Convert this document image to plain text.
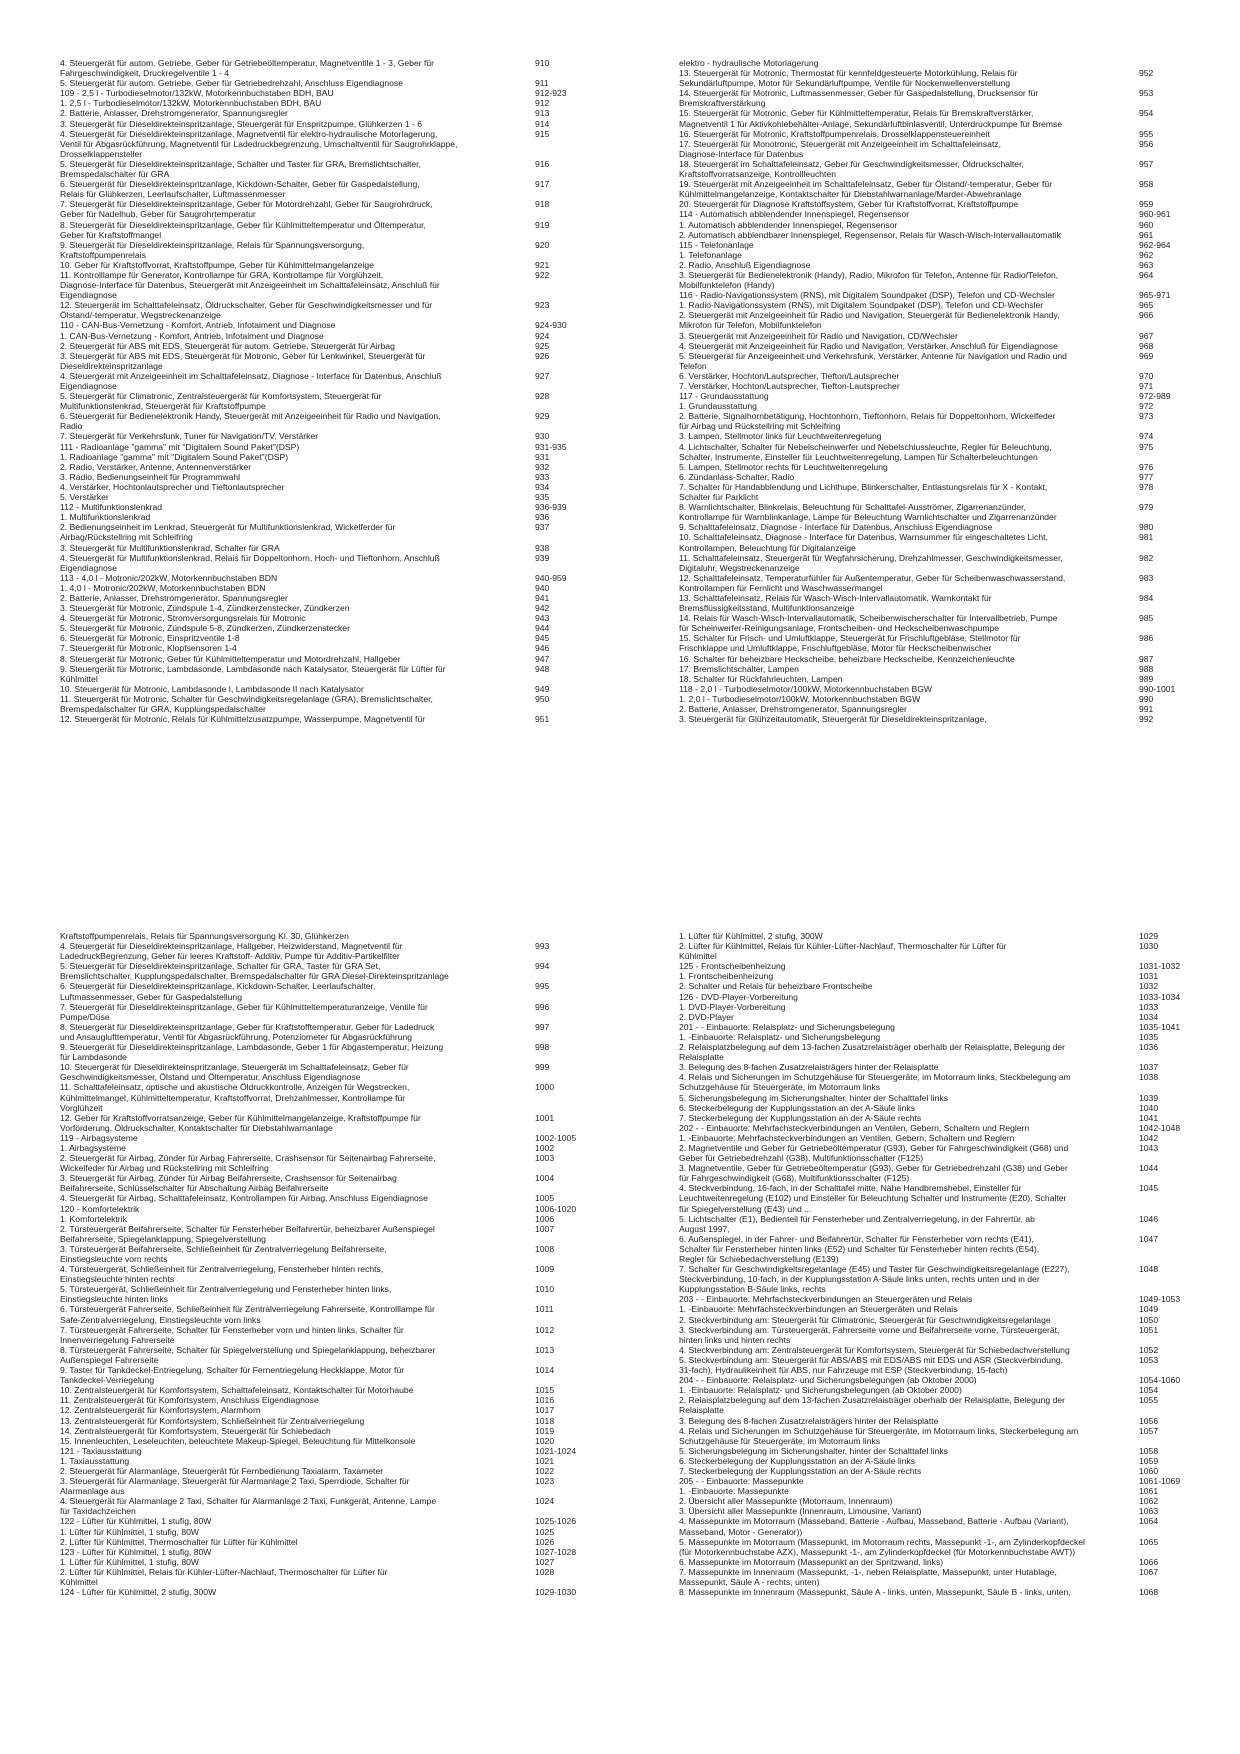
4. Steuergerät für autom. Getriebe, Geber für Getriebeöltemperatur, Magnetventile 1 - 3, Geber für	910
Fahrgeschwindigkeit, Druckregelventile 1 - 4
5. Steuergerät für autom. Getriebe, Geber für Getriebedrehzahl, Anschluss Eigendiagnose	911
109 - 2,5 l - Turbodieselmotor/132kW, Motorkennbuchstaben BDH, BAU	912-923
1. 2,5 l - Turbodieselmotor/132kW, Motorkennbuchstaben BDH, BAU	912
2. Batterie, Anlasser, Drehstromgenerator, Spannungsregler	913
3. Steuergerät für Dieseldirekteinspritzanlage, Steuergerät für Enspritzpumpe, Glühkerzen 1 - 6	914
4. Steuergerät für Dieseldirekteinspritzanlage, Magnetventil für elektro-hydraulische Motorlagerung,	915
Ventil für Abgasrückführung, Magnetventil für Ladedruckbegrenzung, Umschaltventil für Saugrohrklappe,
Drosselklappensteller
5. Steuergerät für Dieseldirekteinspritzanlage, Schalter und Taster für GRA, Bremslichtschalter,	916
Bremspedalschalter für GRA
6. Steuergerät für Dieseldirekteinspritzanlage, Kickdown-Schalter, Geber für Gaspedalstellung,	917
Relais für Glühkerzen, Leerlaufschalter, Luftmassenmesser
7. Steuergerät für Dieseldirekteinspritzanlage, Geber für Motordrehzahl, Geber für Saugrohrdruck,	918
Geber für Nadelhub, Geber für Saugrohrtemperatur
8. Steuergerät für Dieseldirekteinspritzanlage, Geber für Kühlmitteltemperatur und Öltemperatur,	919
Geber für Kraftstoffmangel
9. Steuergerät für Dieseldirekteinspritzanlage, Relais für Spannungsversorgung,	920
Kraftstoffpumpenrelais
10. Geber für Kraftstoffvorrat, Kraftstoffpumpe, Geber für Kühlmittelmangelanzeige	921
11. Kontrolllampe für Generator, Kontrollampe für GRA, Kontrollampe für Vorglühzeit,	922
Diagnose-Interface für Datenbus, Steuergerät mit Anzeigeeinheit im Schalttafeleinsatz, Anschluß für
Eigendiagnose
12. Steuergerät im Schalttafeleinsatz, Öldruckschalter, Geber für Geschwindigkeitsmesser und für	923
Ölstand/-temperatur, Wegstreckenanzeige
110 - CAN-Bus-Vernetzung - Komfort, Antrieb, Infotaiment und Diagnose	924-930
1. CAN-Bus-Vernetzung - Komfort, Antrieb, Infotaiment und Diagnose	924
2. Steuergerät für ABS mit EDS, Steuergerät für autom. Getriebe, Steuergerät für Airbag	925
3. Steuergerät für ABS mit EDS, Steuergerät für Motronic, Geber für Lenkwinkel, Steuergerät für	926
Dieseldirekteinspritzanlage
4. Steuergerät mit Anzeigeeinheit im Schalttafeleinsatz, Diagnose - Interface für Datenbus, Anschluß	927
Eigendiagnose
5. Steuergerät für Climatronic, Zentralsteuergerät für Komfortsystem, Steuergerät für	928
Multifunktionslenkrad, Steuergerät für Kraftstoffpumpe
6. Steuergerät für Bedienelektronik Handy, Steuergerät mit Anzeigeeinheit für Radio und Navigation,	929
Radio
7. Steuergerät für Verkehrsfunk, Tuner für Navigation/TV, Verstärker	930
111 - Radioanlage "gamma" mit "Digitalem Sound Paket"(DSP)	931-935
1. Radioanlage "gamma" mit "Digitalem Sound Paket"(DSP)	931
2. Radio, Verstärker, Antenne, Antennenverstärker	932
3. Radio, Bedienungseinheit für Programmwahl	933
4. Verstärker, Hochtonlautsprecher und Tieftonlautsprecher	934
5. Verstärker	935
112 - Multifunktionslenkrad	936-939
1. Multifunktionslenkrad	936
2. Bedienungseinheit im Lenkrad, Steuergerät für Multifunktionslenkrad, Wickelferder für	937
Airbag/Rückstellring mit Schleifring
3. Steuergerät für Multifunktionslenkrad, Schalter für GRA	938
4. Steuergerät für Multifunktionslenkrad, Relais für Doppeltonhorn, Hoch- und Tieftonhorn, Anschluß	939
Eigendiagnose
113 - 4,0 l - Motronic/202kW, Motorkennbuchstaben BDN	940-959
1. 4,0 l - Motronic/202kW, Motorkennbuchstaben BDN	940
2. Batterie, Anlasser, Drehstromgenerator, Spannungsregler	941
3. Steuergerät für Motronic, Zündspule 1-4, Zündkerzenstecker, Zündkerzen	942
4. Steuergerät für Motronic, Stromversorgungsrelais für Motronic	943
5. Steuergerät für Motronic, Zündspule 5-8, Zündkerzen, Zündkerzenstecker	944
6. Steuergerät für Motronic, Einspritzventile 1-8	945
7. Steuergerät für Motronic, Klopfsensoren 1-4	946
8. Steuergerät für Motronic, Geber für Kühlmitteltemperatur und Motordrehzahl, Hallgeber	947
9. Steuergerät für Motronic, Lambdasonde, Lambdasonde nach Katalysator, Steuergerät für Lüfter für	948
Kühlmittel
10. Steuergerät für Motronic, Lambdasonde I, Lambdasonde II nach Katalysator	949
11. Steuergerät für Motronic, Schalter für Geschwindigkeitsregelanlage (GRA), Bremslichtschalter,	950
Bremspedalschalter für GRA, Kupplungspedalschalter
12. Steuergerät für Motronic, Relais für Kühlmittelzusatzpumpe, Wasserpumpe, Magnetventil für	951
elektro - hydraulische Motorlagerung
13. Steuergerät für Motronic, Thermostat für kennfeldgesteuerte Motorkühlung, Relais für	952
Sekundärluftpumpe, Motor für Sekundärluftpumpe, Ventile für Nockenwellenverstellung
14. Steuergerät für Motronic, Luftmassenmesser, Geber für Gaspedalstellung, Drucksensor für	953
Bremskraftverstärkung
15. Steuergerät für Motronic, Geber für Kühlmitteltemperatur, Relais für Bremskraftverstärker,	954
Magnetventil 1 für Aktivkohlebehälter-Anlage, Sekundärluftbinlasventil, Unterdruckpumpe für Bremse
16. Steuergerät für Motronic, Kraftstoffpumpenrelais, Drosselklappensteuereinheit	955
17. Steuergerät für Monotronic, Steuergerät mit Anzeigeeinheit im Schalttafeleinsatz,	956
Diagnose-Interface für Datenbus
18. Steuergerät im Schalttafeleinsatz, Geber für Geschwindigkeitsmesser, Öldruckschalter,	957
Kraftstoffvorratsanzeige, Kontrollleuchten
19. Steuergerät mit Anzeigeeinheit im Schalttafeleinsatz, Geber für Ölstand/-temperatur, Geber für	958
Kühlmittelmangelanzeige, Kontaktschalter für Diebstahlwarnanlage/Marder-Abwehranlage
20. Steuergerät für Diagnose Kraftstoffsystem, Geber für Kraftstoffvorrat, Kraftstoffpumpe	959
114 - Automatisch abblendender Innenspiegel, Regensensor	960-961
1. Automatisch abblendender Innenspiegel, Regensensor	960
2. Automatisch abblendbarer Innenspiegel, Regensensor, Relais für Wasch-Wisch-Intervallautomatik	961
115 - Telefonanlage	962-964
1. Telefonanlage	962
2. Radio, Anschluß Eigendiagnose	963
3. Steuergerät für Bedienelektronik (Handy), Radio, Mikrofon für Telefon, Antenne für Radio/Telefon,	964
Mobilfunktelefon (Handy)
116 - Radio-Navigationssystem (RNS), mit Digitalem Soundpaket (DSP), Telefon und CD-Wechsler	965-971
1. Radio-Navigationssystem (RNS), mit Digitalem Soundpaket (DSP), Telefon und CD-Wechsler	965
2. Steuergerät mit Anzeigeeinheit für Radio und Navigation, Steuergerät für Bedienelektronik Handy,	966
Mikrofon für Telefon, Mobilfunktelefon
3. Steuergerät mit Anzeigeeinheit für Radio und Navigation, CD/Wechsler	967
4. Steuergerät mit Anzeigeeinheit für Radio und Navigation, Verstärker, Anschluß für Eigendiagnose	968
5. Steuergerät für Anzeigeeinheit und Verkehrsfunk, Verstärker, Antenne für Navigation und Radio und	969
Telefon
6. Verstärker, Hochton/Lautsprecher, Tiefton/Lautsprecher	970
7. Verstärker, Hochton/Lautsprecher, Tiefton-Lautsprecher	971
117 - Grundausstattung	972-989
1. Grundausstattung	972
2. Batterie, Signalhornbetätigung, Hochtonhorn, Tieftonhorn, Relais für Doppeltonhorn, Wickelfeder	973
für Airbag und Rückstellring mit Schleifring
3. Lampen, Stellmotor links für Leuchtweitenregelung	974
4. Lichtschalter, Schalter für Nebelscheinwerfer und Nebelschlussleuchte, Regler für Beleuchtung,	975
Schalter, Instrumente, Einsteller für Leuchtweitenregelung, Lampen für Schalterbeleuchtungen
5. Lampen, Stellmotor rechts für Leuchtweitenregelung	976
6. Zündanlass-Schalter, Radio	977
7. Schalter für Handabblendung und Lichthupe, Blinkerschalter, Entlastungsrelais für X - Kontakt,	978
Schalter für Parklicht
8. Warnlichtschalter, Blinkrelais, Beleuchtung für Schalttafel-Ausströmer, Zigarrenanzünder,	979
Kontrollampe für Warnblinkanlage, Lampe für Beleuchtung Warnlichtschalter und Zigarrenanzünder
9. Schalttafeleinsatz, Diagnose - Interface für Datenbus, Anschluss Eigendiagnose	980
10. Schalttafeleinsatz, Diagnose - Interface für Datenbus, Warnsummer für eingeschaltetes Licht,	981
Kontrollampen, Beleuchtung für Digitalanzeige
11. Schalttafeleinsatz, Steuergerät für Wegfahrsicherung, Drehzahlmesser, Geschwindigkeitsmesser,	982
Digitaluhr, Wegstreckenanzeige
12. Schalttafeleinsatz, Temperaturfühler für Außentemperatur, Geber für Scheibenwaschwasserstand,	983
Kontrollampen für Fernlicht und Waschwassermangel
13. Schalttafeleinsatz, Relais für Wasch-Wisch-Intervallautomatik, Warnkontakt für	984
Bremsflüssigkeitsstand, Multifunktionsanzeige
14. Relais für Wasch-Wisch-Intervallautomatik, Scheibenwischerschalter für Intervallbetrieb, Pumpe	985
für Scheinwerfer-Reinigungsanlage, Frontscheiben- und Heckscheibenwaschpumpe
15. Schalter für Frisch- und Umluftklappe, Steuergerät für Frischluftgebläse, Stellmotor für	986
Frischklappe und Umluftklappe, Frischluftgebläse, Motor für Heckscheibenwischer
16. Schalter für beheizbare Heckscheibe, beheizbare Heckscheibe, Kennzeichenleuchte	987
17. Bremslichtschalter, Lampen	988
18. Schalter für Rückfahrleuchten, Lampen	989
118 - 2,0 l - Turbodieselmotor/100kW, Motorkennbuchstaben BGW	990-1001
1. 2,0 l - Turbodieselmotor/100kW, Motorkennbuchstaben BGW	990
2. Batterie, Anlasser, Drehstromgenerator, Spannungsregler	991
3. Steuergerät für Glühzeitautomatik, Steuergerät für Dieseldirekteinspritzanlage,	992
Kraftstoffpumpenrelais, Relais für Spannungsversorgung Kl. 30, Glühkerzen
4. Steuergerät für Dieseldirekteinspritzanlage, Hallgeber, Heizwiderstand, Magnetventil für	993
LadedruckBegrenzung, Geber für leeres Kraftstoff- Additiv, Pumpe für Additiv-Partikelfilter
5. Steuergerät für Dieseldirekteinspritzanlage, Schalter für GRA, Taster für GRA Set,	994
Bremslichtschalter, Kupplungspedalschalter, Bremspedalschalter für GRA Diesel-Direkteinspritzanlage
6. Steuergerät für Dieseldirekteinspritzanlage, Kickdown-Schalter, Leerlaufschalter,	995
Luftmassenmesser, Geber für Gaspedalstellung
7. Steuergerät für Dieseldirekteinspritzanlage, Geber für Kühlmitteltemperaturanzeige, Ventile für	996
Pumpe/Düse
8. Steuergerät für Dieseldirekteinspritzanlage, Geber für Kraftstofftemperatur, Geber für Ladedruck	997
und Ansauglufttemperatur, Ventil für Abgasrückführung, Potenziometer für Abgasrückführung
9. Steuergerät für Dieseldirekteinspritzanlage, Lambdasonde, Geber 1 für Abgastemperatur, Heizung	998
für Lambdasonde
10. Steuergerät für Dieseldirekteinspritzanlage, Steuergerät im Schalttafeleinsatz, Geber für	999
Geschwindigkeitsmesser, Ölstand und Öltemperatur, Anschluss Eigendiagnose
11. Schalttafeleinsatz, optische und akustische Öldruckkontrolle, Anzeigen für Wegstrecken,	1000
Kühlmittelmangel, Kühlmitteltemperatur, Kraftstoffvorrat, Drehzahlmesser, Kontrollampe für
Vorglühzeit
12. Geber für Kraftstoffvorratsanzeige, Geber für Kühlmittelmangelanzeige, Kraftstoffpumpe für	1001
Vorförderung, Öldruckschalter, Kontaktschalter für Diebstahlwarnanlage
119 - Airbagsysteme	1002-1005
1. Airbagsysteme	1002
2. Steuergerät für Airbag, Zünder für Airbag Fahrerseite, Crashsensor für Seitenairbag Fahrerseite,	1003
Wickelfeder für Airbag und Rückstellring mit Schleifring
3. Steuergerät für Airbag, Zünder für Airbag Beifahrerseite, Crashsensor für Seitenairbag	1004
Beifahrerseite, Schlüsselschalter für Abschaltung Airbag Beifahrerseite
4. Steuergerät für Airbag, Schalttafeleinsatz, Kontrollampen für Airbag, Anschluss Eigendiagnose	1005
120 - Komfortelektrik	1006-1020
1. Komfortelektrik	1006
2. Türsteuergerät Beifahrerseite, Schalter für Fensterheber Beifahrertür, beheizbarer Außenspiegel	1007
Beifahrerseite, Spiegelanklappung, Spiegelverstellung
3. Türsteuergerät Beifahrerseite, Schließeinheit für Zentralverriegelung Beifahrerseite,	1008
Einstiegsleuchte vorn rechts
4. Türsteuergerät, Schließeinheit für Zentralverriegelung, Fensterheber hinten rechts,	1009
Einstiegsleuchte hinten rechts
5. Türsteuergerät, Schließeinheit für Zentralverriegelung und Fensterheber hinten links,	1010
Einstiegsleuchte hinten links
6. Türsteuergerät Fahrerseite, Schließeinheit für Zentralverriegelung Fahrerseite, Kontrolllampe für	1011
Safe-Zentralverriegelung, Einstiegsleuchte vorn links
7. Türsteuergerät Fahrerseite, Schalter für Fensterheber vorn und hinten links, Schalter für	1012
Innenverriegelung Fahrerseite
8. Türsteuergerät Fahrerseite, Schalter für Spiegelverstellung und Spiegelanklappung, beheizbarer	1013
Außenspiegel Fahrerseite
9. Taster für Tankdeckel-Entriegelung, Schalter für Fernentriegelung Heckklappe, Motor für	1014
Tankdeckel-Verriegelung
10. Zentralsteuergerät für Komfortsystem, Schalttafeleinsatz, Kontaktschalter für Motorhaube	1015
11. Zentralsteuergerät für Komfortsystem, Anschluss Eigendiagnose	1016
12. Zentralsteuergerät für Komfortsystem, Alarmhorn	1017
13. Zentralsteuergerät für Komfortsystem, Schließeinheit für Zentralverriegelung	1018
14. Zentralsteuergerät für Komfortsystem, Steuergerät für Schiebedach	1019
15. Innenleuchten, Leseleuchten, beleuchtete Makeup-Spiegel, Beleuchtung für Mittelkonsole	1020
121 - Taxiausstattung	1021-1024
1. Taxiausstattung	1021
2. Steuergerät für Alarmanlage, Steuergerät für Fernbedienung Taxialarm, Taxameter	1022
3. Steuergerät für Alarmanlage, Steuergerät für Alarmanlage 2 Taxi, Sperrdiode, Schalter für	1023
Alarmanlage aus
4. Steuergerät für Alarmanlage 2 Taxi, Schalter für Alarmanlage 2 Taxi, Funkgerät, Antenne, Lampe	1024
für Taxidachzeichen
122 - Lüfter für Kühlmittel, 1 stufig, 80W	1025-1026
1. Lüfter für Kühlmittel, 1 stufig, 80W	1025
2. Lüfter für Kühlmittel, Thermoschalter für Lüfter für Kühlmittel	1026
123 - Lüfter für Kühlmittel, 1 stufig, 80W	1027-1028
1. Lüfter für Kühlmittel, 1 stufig, 80W	1027
2. Lüfter für Kühlmittel, Relais für Kühler-Lüfter-Nachlauf, Thermoschalter für Lüfter für	1028
Kühlmittel
124 - Lüfter für Kühlmittel, 2 stufig, 300W	1029-1030
1. Lüfter für Kühlmittel, 2 stufig, 300W	1029
2. Lüfter für Kühlmittel, Relais für Kühler-Lüfter-Nachlauf, Thermoschalter für Lüfter für	1030
Kühlmittel
125 - Frontscheibenheizung	1031-1032
1. Frontscheibenheizung	1031
2. Schalter und Relais für beheizbare Frontscheibe	1032
126 - DVD-Player-Vorbereitung	1033-1034
1. DVD-Player-Vorbereitung	1033
2. DVD-Player	1034
201 - - Einbauorte: Relaisplatz- und Sicherungsbelegung	1035-1041
1. -Einbauorte: Relaisplatz- und Sicherungsbelegung	1035
2. Relaisplatzbelegung auf dem 13-fachen Zusatzrelaisträger oberhalb der Relaisplatte, Belegung der	1036
Relaisplatte
3. Belegung des 8-fachen Zusatzrelaisträgers hinter der Relaisplatte	1037
4. Relais und Sicherungen im Schutzgehäuse für Steuergeräte, im Motorraum links, Steckbelegung am	1038
Schutzgehäuse für Steuergeräte, im Motorraum links
5. Sicherungsbelegung im Sicherungshalter, hinter der Schalttafel links	1039
6. Steckerbelegung der Kupplungsstation an der A-Säule links	1040
7. Steckerbelegung der Kupplungsstation an der A-Säule rechts	1041
202 - - Einbauorte: Mehrfachsteckverbindungen an Ventilen, Gebern, Schaltern und Reglern	1042-1048
1. -Einbauorte: Mehrfachsteckverbindungen an Ventilen, Gebern, Schaltern und Reglern	1042
2. Magnetventile und Geber für Getriebeöltemperatur (G93), Geber für Fahrgeschwindigkeit (G68) und	1043
Geber für Getriebedrehzahl (G38), Multifunktionsschalter (F125)
3. Magnetventile, Geber für Getriebeöltemperatur (G93), Geber für Getriebedrehzahl (G38) und Geber	1044
für Fahrgeschwindigkeit (G68), Multifunktionsschalter (F125)
4. Steckverbindung, 16-fach, in der Schalttafel mitte, Nähe Handbremshebel, Einsteller für	1045
Leuchtweitenregelung (E102) und Einsteller für Beleuchtung Schalter und Instrumente (E20), Schalter
für Spiegelverstellung (E43) und ...
5. Lichtschalter (E1), Bedienteil für Fensterheber und Zentralverriegelung, in der Fahrertür, ab	1046
August 1997,
6. Außenspiegel, in der Fahrer- und Beifahrertür, Schalter für Fensterheber vorn rechts (E41),	1047
Schalter für Fensterheber hinten links (E52) und Schalter für Fensterheber hinten rechts (E54),
Regler für Schiebedachverstellung (E139)
7. Schalter für Geschwindigkeitsregelanlage (E45) und Taster für Geschwindigkeitsregelanlage (E227),	1048
Steckverbindung, 10-fach, in der Kupplungsstation A-Säule links unten, rechts unten und in der
Kupplungsstation B-Säule links, rechts
203 - - Einbauorte: Mehrfachsteckverbindungen an Steuergeräten und Relais	1049-1053
1. -Einbauorte: Mehrfachsteckverbindungen an Steuergeräten und Relais	1049
2. Steckverbindung am: Steuergerät für Climatronic, Steuergerät für Geschwindigkeitsregelanlage	1050
3. Steckverbindung am: Türsteuergerät, Fahrerseite vorne und Beifahrerseite vorne, Türsteuergerät,	1051
hinten links und hinten rechts
4. Steckverbindung am: Zentralsteuergerät für Komfortsystem, Steuergerät für Schiebedachverstellung	1052
5. Steckverbindung am: Steuergerät für ABS/ABS mit EDS/ABS mit EDS und ASR (Steckverbindung,	1053
31-fach), Hydraulikeinheit für ABS, nur Fahrzeuge mit ESP (Steckverbindung, 15-fach)
204 - - Einbauorte: Relaisplatz- und Sicherungsbelegungen (ab Oktober 2000)	1054-1060
1. -Einbauorte: Relaisplatz- und Sicherungsbelegungen (ab Oktober 2000)	1054
2. Relaisplatzbelegung auf dem 13-fachen Zusatzrelaisträger oberhalb der Relaisplatte, Belegung der	1055
Relaisplatte
3. Belegung des 8-fachen Zusatzrelaisträgers hinter der Relaisplatte	1056
4. Relais und Sicherungen im Schutzgehäuse für Steuergeräte, im Motorraum links, Steckerbelegung am	1057
Schutzgehäuse für Steuergeräte, im Motorraum links
5. Sicherungsbelegung im Sicherungshalter, hinter der Schalttafel links	1058
6. Steckerbelegung der Kupplungsstation an der A-Säule links	1059
7. Steckerbelegung der Kupplungsstation an der A-Säule rechts	1060
205 - - Einbauorte: Massepunkte	1061-1069
1. -Einbauorte: Massepunkte	1061
2. Übersicht aller Massepunkte (Motorraum, Innenraum)	1062
3. Übersicht aller Massepunkte (Innenraum, Limousine, Variant)	1063
4. Massepunkte im Motorraum (Masseband, Batterie - Aufbau, Masseband, Batterie - Aufbau (Variant),	1064
Masseband, Motor - Generator))
5. Massepunkte im Motorraum (Massepunkt, im Motorraum rechts, Massepunkt -1-, am Zylinderkopfdeckel	1065
(für Motorkennbuchstabe AZX), Massepunkt -1-, am Zylinderkopfdeckel (für Motorkennbuchstabe AWT))
6. Massepunkte im Motorraum (Massepunkt an der Spritzwand, links)	1066
7. Massepunkte im Innenraum (Massepunkt, -1-, neben Relaisplatte, Massepunkt, unter Hutablage,	1067
Massepunkt, Säule A - rechts, unten)
8. Massepunkte im Innenraum (Massepunkt, Säule A - links, unten, Massepunkt, Säule B - links, unten,	1068
